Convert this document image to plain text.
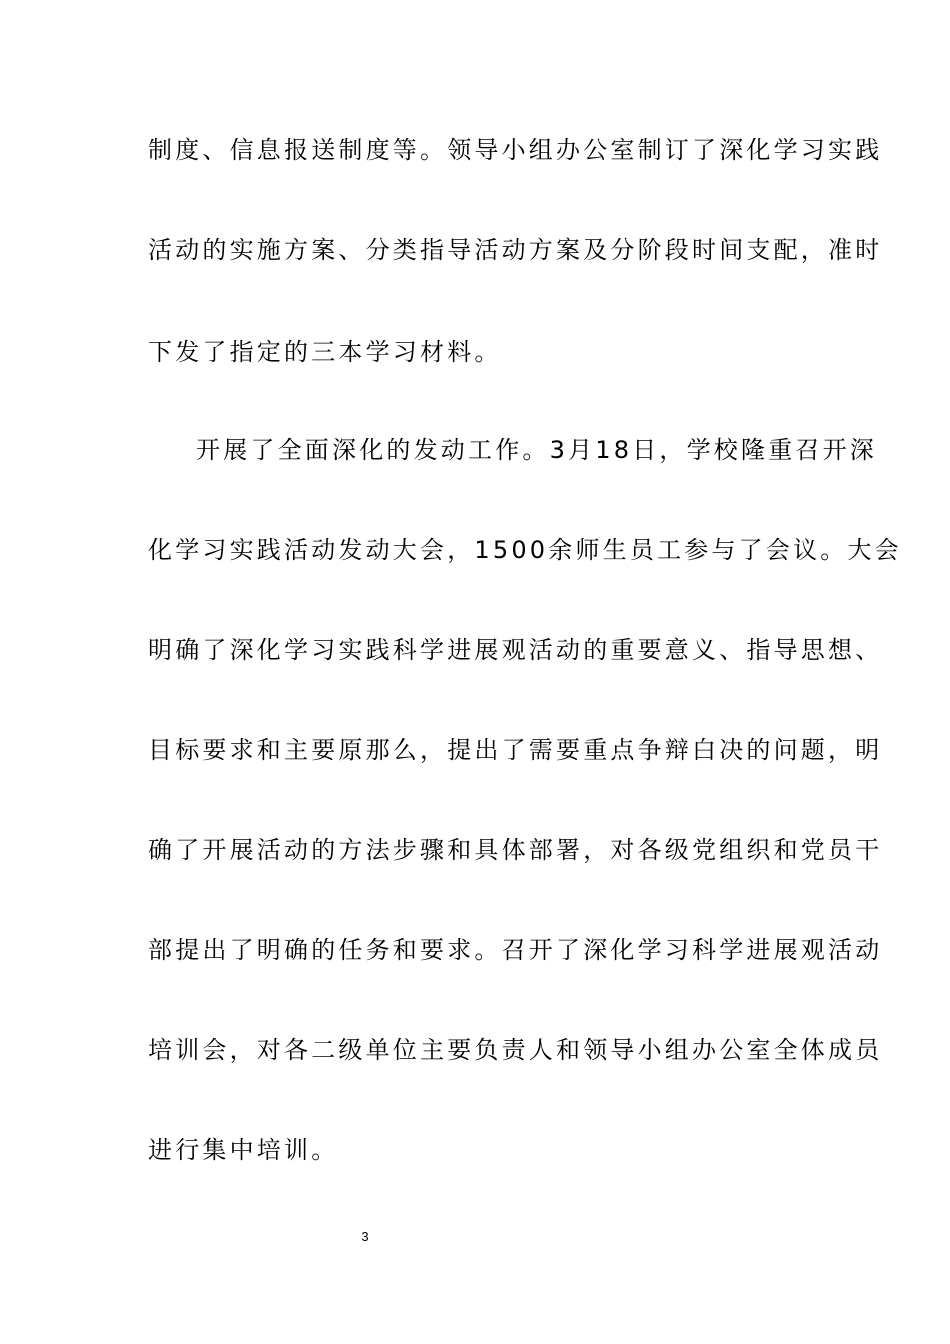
制度、信息报送制度等。领导小组办公室制订了深化学习实践

活动的实施方案、分类指导活动方案及分阶段时间支配，准时

下发了指定的三本学习材料。

开展了全面深化的发动工作。3月18日，学校隆重召开深

化学习实践活动发动大会，1500余师生员工参与了会议。大会

明确了深化学习实践科学进展观活动的重要意义、指导思想、

目标要求和主要原那么，提出了需要重点争辩白决的问题，明

确了开展活动的方法步骤和具体部署，对各级党组织和党员干

部提出了明确的任务和要求。召开了深化学习科学进展观活动

培训会，对各二级单位主要负责人和领导小组办公室全体成员

进行集中培训。

3
